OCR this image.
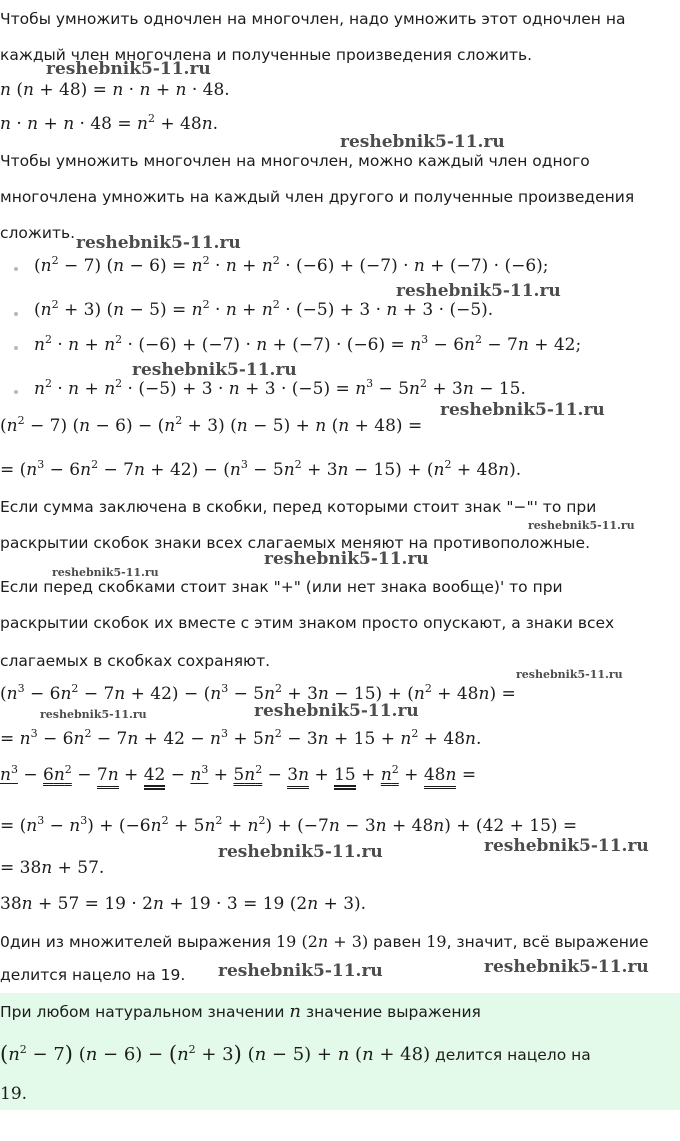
Чтобы умножить одночлен на многочлен, надо умножить этот одночлен на
каждый член многочлена и полученные произведения сложить.
n (n + 48) = n · n + n · 48.
$n \cdot n + n \cdot 48 = n^2 + 48n$.
Чтобы умножить многочлен на многочлен, можно каждый член одного
многочлена умножить на каждый член другого и полученные произведения
сложить.
$(n^2 - 7) (n - 6) = n^2 \cdot n + n^2 \cdot (-6) + (-7) \cdot n + (-7) \cdot (-6)$;
$(n^2 + 3) (n - 5) = n^2 \cdot n + n^2 \cdot (-5) + 3 \cdot n + 3 \cdot (-5)$.
$n^2 \cdot n + n^2 \cdot (-6) + (-7) \cdot n + (-7) \cdot (-6) = n^3 - 6n^2 - 7n + 42$;
$n^2 \cdot n + n^2 \cdot (-5) + 3 \cdot n + 3 \cdot (-5) = n^3 - 5n^2 + 3n - 15$.
$(n^2 - 7) (n - 6) - (n^2 + 3) (n - 5) + n$ (n + 48) =
= $(n^3 - 6n^2 - 7n + 42) - (n^3 - 5n^2 + 3n - 15) + (n^2 + 48n)$.
Если сумма заключена в скобки, перед которыми стоит знак "−"' то при
раскрытии скобок знаки всех слагаемых меняют на противоположные.
Если перед скобками стоит знак "+" (или нет знака вообще)' то при
раскрытии скобок их вместе с этим знаком просто опускают, а знаки всех
слагаемых в скобках сохраняют.
$(n^3 - 6n^2 - 7n + 42) - (n^3 - 5n^2 + 3n - 15) + (n^2 + 48n)$ =
= $n^3 - 6n^2 - 7n + 42 - n^3 + 5n^2 - 3n + 15 + n^2 + 48n$.
$n^3 - 6n^2 - 7n + 42 - n^3 + 5n^2 - 3n + 15 + n^2 + 48n$ =
= $(n^3 - n^3) + (-6n^2 + 5n^2 + n^2) + (-7n - 3n + 48n) + (42 + 15)$ =
= 38n + 57.
38n + 57 = 19 · 2n + 19 · 3 = 19 (2n + 3).
0дин из множителей выражения 19 (2n + 3) равен 19, значит, всё выражение
делится нацело на 19.
При любом натуральном значении n значение выражения
$(n^2 - 7) (n - 6) - (n^2 + 3) (n - 5) + n$ (n + 48) делится нацело на
19.
reshebnik5-11.ru
reshebnik5-11.ru
reshebnik5-11.ru
reshebnik5-11.ru
reshebnik5-11.ru
reshebnik5-11.ru
reshebnik5-11.ru
reshebnik5-11.ru
reshebnik5-11.ru
reshebnik5-11.ru
reshebnik5-11.ru	reshebnik5-11.ru
reshebnik5-11.ru
reshebnik5-11.ru
reshebnik5-11.ru	reshebnik5-11.ru
